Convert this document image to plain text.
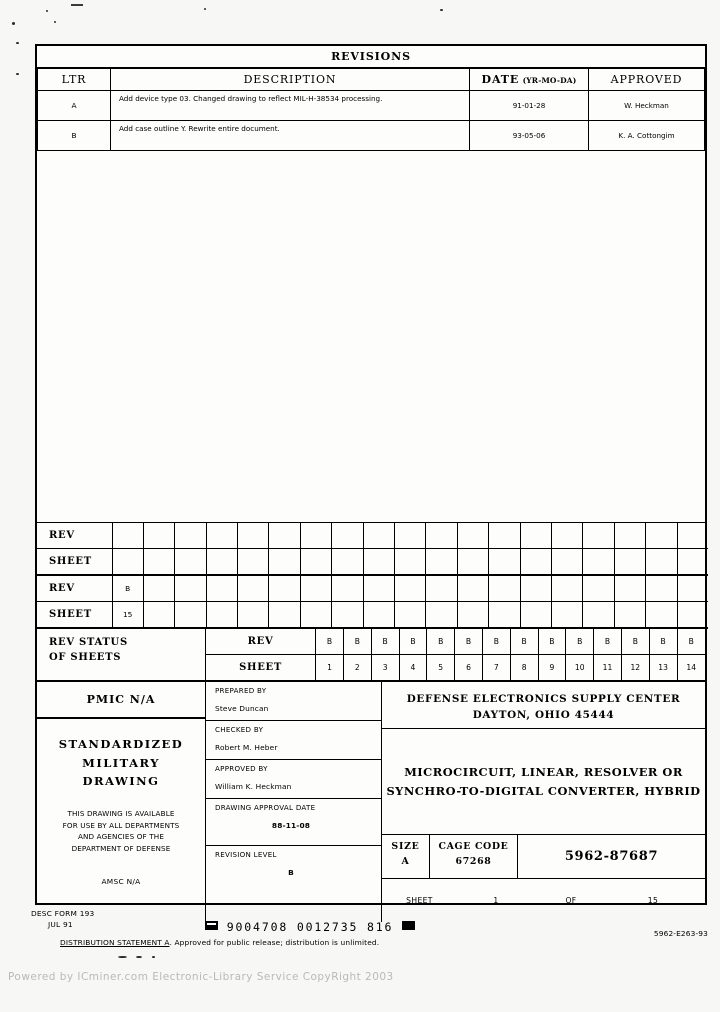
REVISIONS
LTR	DESCRIPTION	DATE (YR-MO-DA)	APPROVED
A	Add device type 03. Changed drawing to reflect MIL-H-38534 processing.	91-01-28	W. Heckman
B	Add case outline Y. Rewrite entire document.	93-05-06	K. A. Cottongim
REV																			
SHEET																			
REV	B																		
SHEET	15																		
REV STATUS
OF SHEETS
REV	B	B	B	B	B	B	B	B	B	B	B	B	B	B
SHEET	1	2	3	4	5	6	7	8	9	10	11	12	13	14
PMIC N/A
STANDARDIZED
MILITARY
DRAWING
THIS DRAWING IS AVAILABLE
FOR USE BY ALL DEPARTMENTS
AND AGENCIES OF THE
DEPARTMENT OF DEFENSE
AMSC N/A
PREPARED BY
Steve Duncan
CHECKED BY
Robert M. Heber
APPROVED BY
William K. Heckman
DRAWING APPROVAL DATE
88-11-08
REVISION LEVEL
B
DEFENSE ELECTRONICS SUPPLY CENTER
DAYTON, OHIO 45444
MICROCIRCUIT, LINEAR, RESOLVER OR
SYNCHRO-TO-DIGITAL CONVERTER, HYBRID
SIZE
A
CAGE CODE
67268	5962-87687
SHEET	1	OF	15
DESC FORM 193
JUL 91	9004708 0012735 816
DISTRIBUTION STATEMENT A. Approved for public release; distribution is unlimited.
5962-E263-93
Powered by ICminer.com Electronic-Library Service CopyRight 2003
